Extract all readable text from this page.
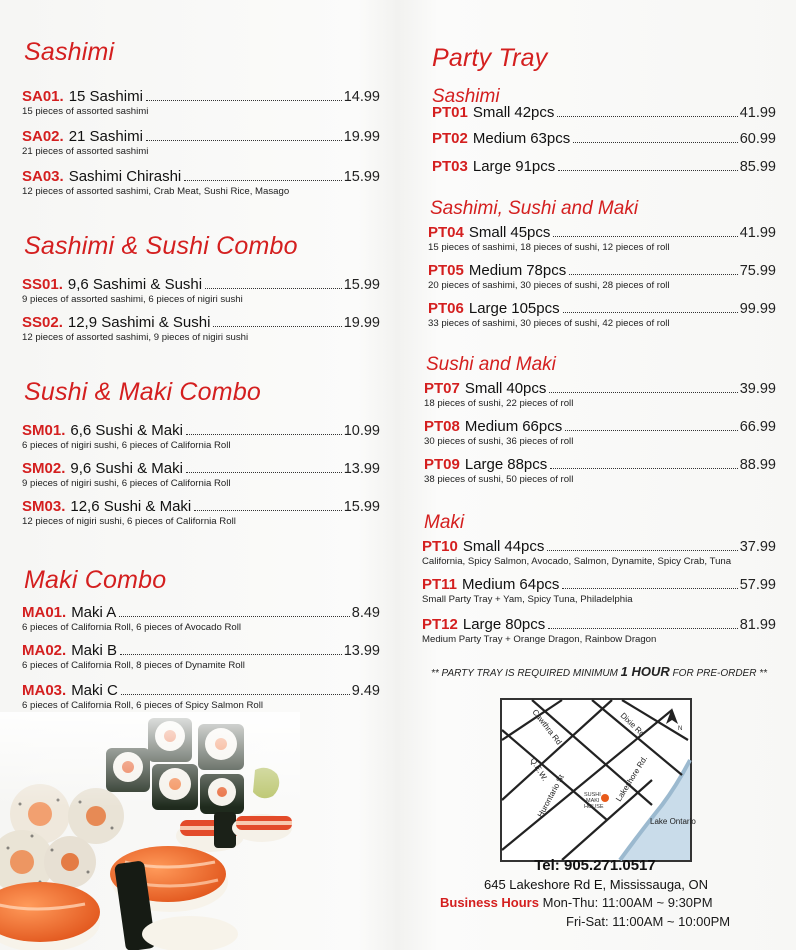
Sashimi
SA01 . 15 Sashimi	14.99
15 pieces of assorted sashimi
SA02 . 21 Sashimi	19.99
21 pieces of assorted sashimi
SA03 . Sashimi Chirashi	15.99
12 pieces of assorted sashimi, Crab Meat, Sushi Rice, Masago
Sashimi & Sushi Combo
SS01 . 9,6 Sashimi & Sushi	15.99
9 pieces of assorted sashimi, 6 pieces of nigiri sushi
SS02 . 12,9 Sashimi & Sushi	19.99
12 pieces of assorted sashimi, 9 pieces of nigiri sushi
Sushi & Maki Combo
SM01 . 6,6 Sushi & Maki	10.99
6 pieces of nigiri sushi, 6 pieces of California Roll
SM02 . 9,6 Sushi & Maki	13.99
9 pieces of nigiri sushi, 6 pieces of California Roll
SM03 . 12,6 Sushi & Maki	15.99
12 pieces of nigiri sushi, 6 pieces of California Roll
Maki Combo
MA01 . Maki A	8.49
6 pieces of California Roll, 6 pieces of Avocado Roll
MA02 . Maki B	13.99
6 pieces of California Roll, 8 pieces of Dynamite Roll
MA03 . Maki C	9.49
6 pieces of California Roll, 6 pieces of Spicy Salmon Roll
Party Tray
Sashimi
PT01 Small 42pcs	41.99
PT02 Medium 63pcs	60.99
PT03 Large 91pcs	85.99
Sashimi, Sushi and Maki
PT04 Small 45pcs	41.99
15 pieces of sashimi, 18 pieces of sushi, 12 pieces of roll
PT05 Medium 78pcs	75.99
20 pieces of sashimi, 30 pieces of sushi, 28 pieces of roll
PT06 Large 105pcs	99.99
33 pieces of sashimi, 30 pieces of sushi, 42 pieces of roll
Sushi and Maki
PT07 Small 40pcs	39.99
18 pieces of sushi, 22 pieces of roll
PT08 Medium 66pcs	66.99
30 pieces of sushi, 36 pieces of roll
PT09 Large 88pcs	88.99
38 pieces of sushi, 50 pieces of roll
Maki
PT10 Small 44pcs	37.99
California, Spicy Salmon, Avocado, Salmon, Dynamite, Spicy Crab, Tuna
PT11 Medium 64pcs	57.99
Small Party Tray + Yam, Spicy Tuna, Philadelphia
PT12 Large 80pcs	81.99
Medium Party Tray + Orange Dragon, Rainbow Dragon
** PARTY TRAY IS REQUIRED MINIMUM 1 HOUR FOR PRE-ORDER **
SUSHI
MAKI
HOUSE
Cawthra Rd	Dixie Rd
Q.E.W.
Hurontario St	Lakeshore Rd.
Lake Ontario
N
Tel: 905.271.0517
645 Lakeshore Rd E, Mississauga, ON
Business Hours Mon-Thu: 11:00AM ~ 9:30PM
Fri-Sat: 11:00AM ~ 10:00PM
